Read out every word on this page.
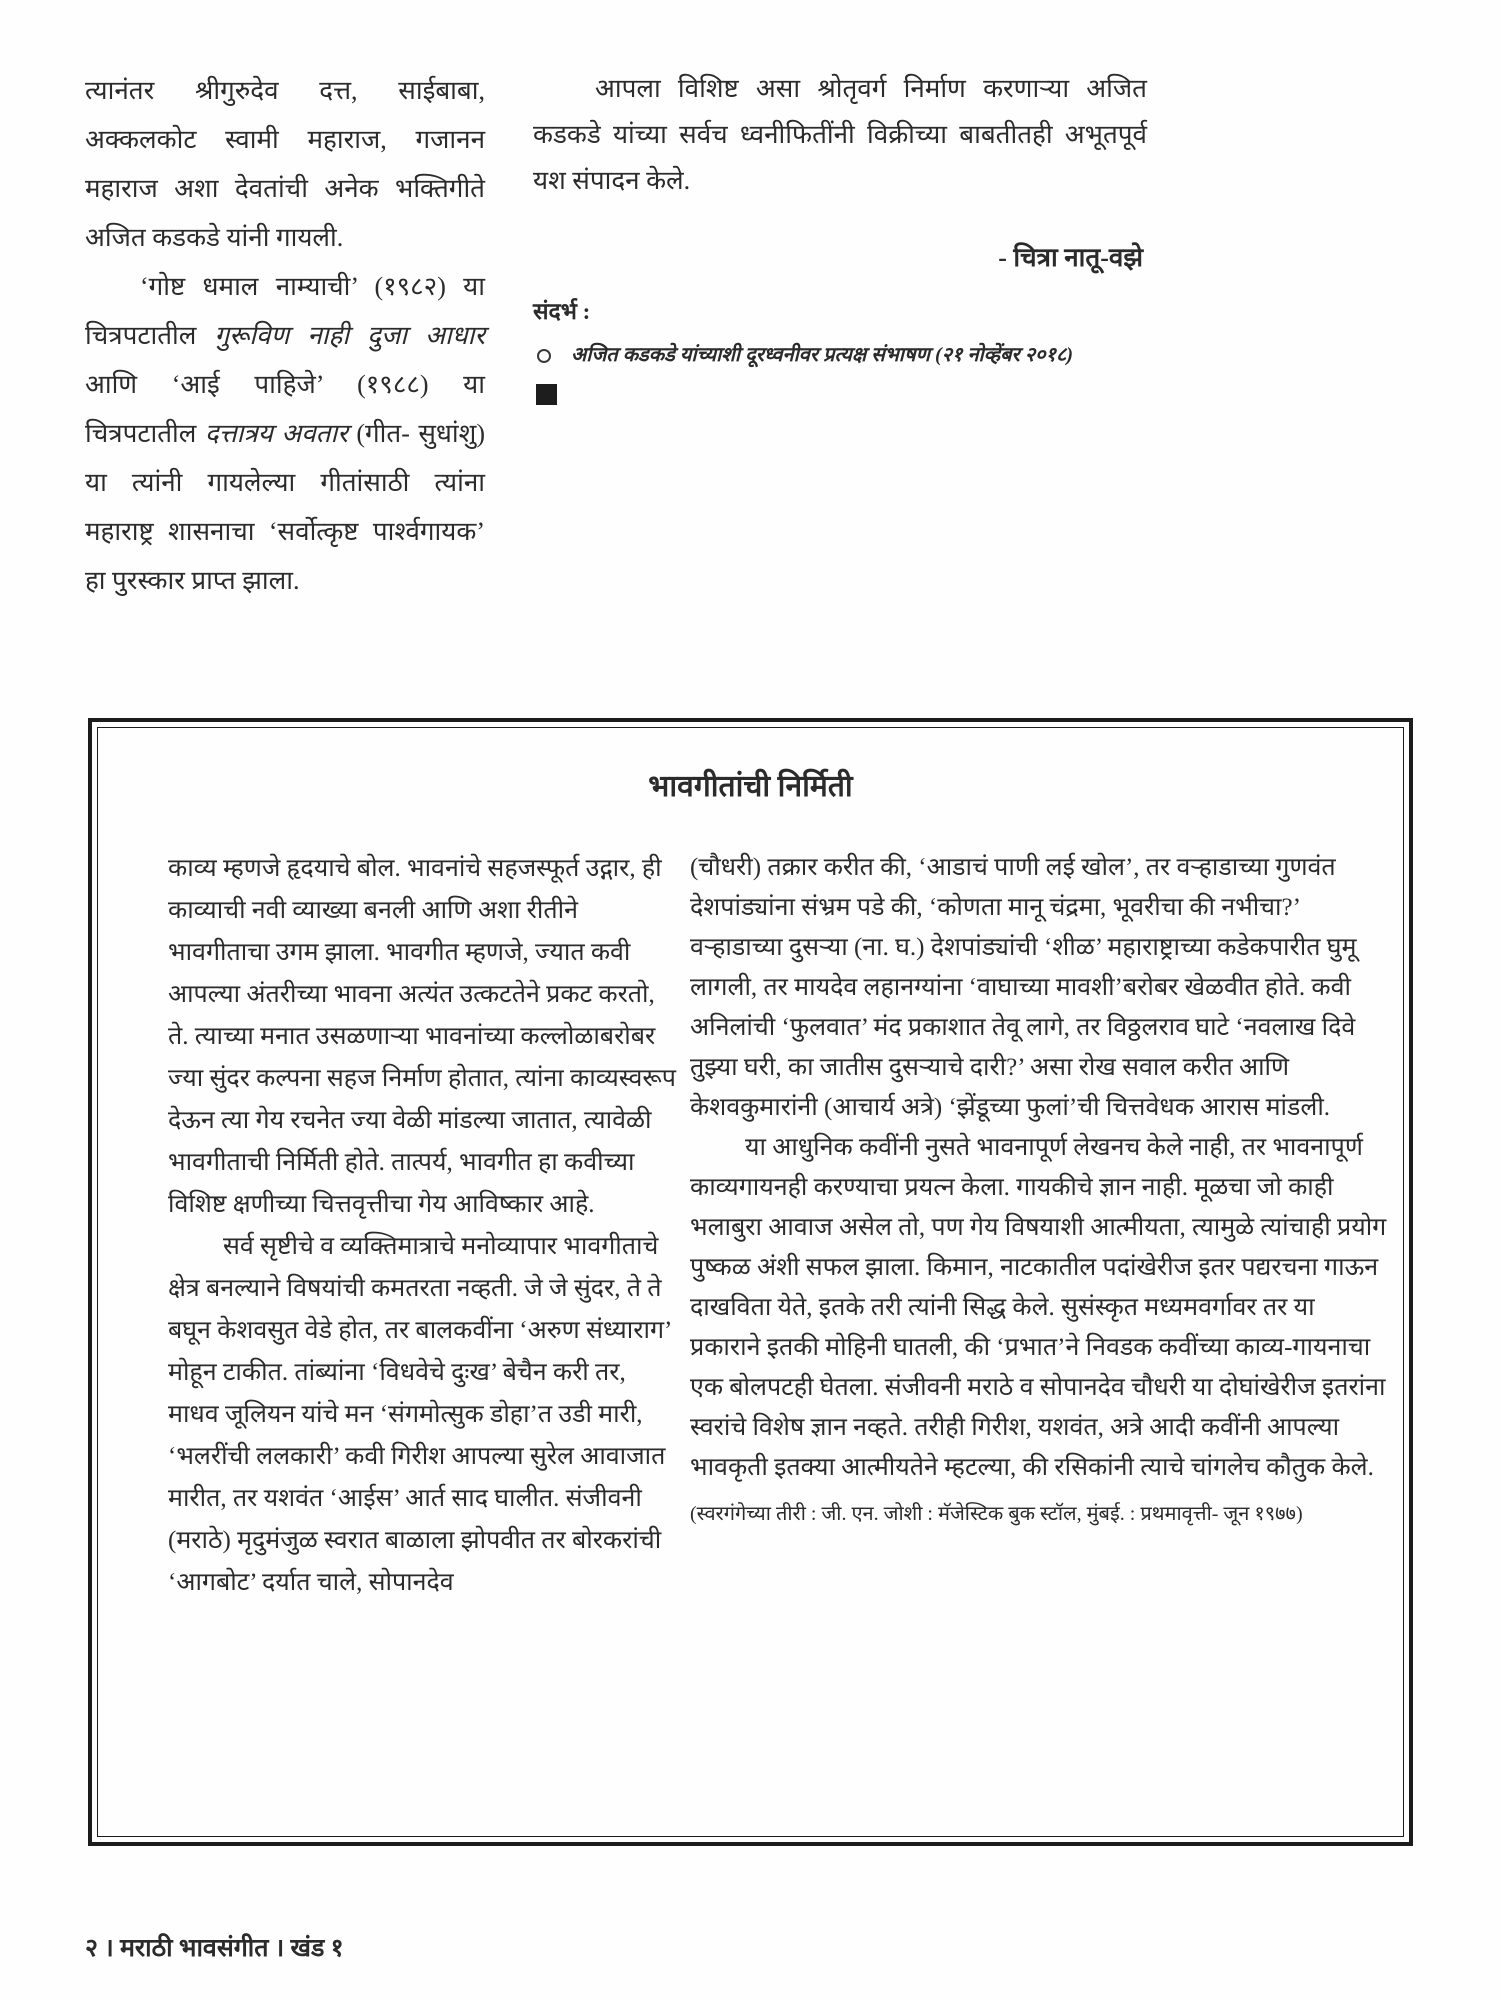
त्यानंतर श्रीगुरुदेव दत्त, साईबाबा, अक्कलकोट स्वामी महाराज, गजानन महाराज अशा देवतांची अनेक भक्तिगीते अजित कडकडे यांनी गायली.

‘गोष्ट धमाल नाम्याची’ (१९८२) या चित्रपटातील गुरूविण नाही दुजा आधार आणि ‘आई पाहिजे’ (१९८८) या चित्रपटातील दत्तात्रय अवतार (गीत- सुधांशु) या त्यांनी गायलेल्या गीतांसाठी त्यांना महाराष्ट्र शासनाचा ‘सर्वोत्कृष्ट पार्श्वगायक’ हा पुरस्कार प्राप्त झाला.

आपला विशिष्ट असा श्रोतृवर्ग निर्माण करणाऱ्या अजित कडकडे यांच्या सर्वच ध्वनीफितींनी विक्रीच्या बाबतीतही अभूतपूर्व यश संपादन केले.

- चित्रा नातू-वझे
संदर्भ :
अजित कडकडे यांच्याशी दूरध्वनीवर प्रत्यक्ष संभाषण (२१ नोव्हेंबर २०१८)
भावगीतांची निर्मिती

काव्य म्हणजे हृदयाचे बोल. भावनांचे सहजस्फूर्त उद्गार, ही काव्याची नवी व्याख्या बनली आणि अशा रीतीने भावगीताचा उगम झाला. भावगीत म्हणजे, ज्यात कवी आपल्या अंतरीच्या भावना अत्यंत उत्कटतेने प्रकट करतो, ते. त्याच्या मनात उसळणाऱ्या भावनांच्या कल्लोळाबरोबर ज्या सुंदर कल्पना सहज निर्माण होतात, त्यांना काव्यस्वरूप देऊन त्या गेय रचनेत ज्या वेळी मांडल्या जातात, त्यावेळी भावगीताची निर्मिती होते. तात्पर्य, भावगीत हा कवीच्या विशिष्ट क्षणीच्या चित्तवृत्तीचा गेय आविष्कार आहे.

सर्व सृष्टीचे व व्यक्तिमात्राचे मनोव्यापार भावगीताचे क्षेत्र बनल्याने विषयांची कमतरता नव्हती. जे जे सुंदर, ते ते बघून केशवसुत वेडे होत, तर बालकवींना ‘अरुण संध्याराग’ मोहून टाकीत. तांब्यांना ‘विधवेचे दुःख’ बेचैन करी तर, माधव जूलियन यांचे मन ‘संगमोत्सुक डोहा’त उडी मारी, ‘भलरींची ललकारी’ कवी गिरीश आपल्या सुरेल आवाजात मारीत, तर यशवंत ‘आईस’ आर्त साद घालीत. संजीवनी (मराठे) मृदुमंजुळ स्वरात बाळाला झोपवीत तर बोरकरांची ‘आगबोट’ दर्यात चाले, सोपानदेव

(चौधरी) तक्रार करीत की, ‘आडाचं पाणी लई खोल’, तर वऱ्हाडाच्या गुणवंत देशपांड्यांना संभ्रम पडे की, ‘कोणता मानू चंद्रमा, भूवरीचा की नभीचा?’ वऱ्हाडाच्या दुसऱ्या (ना. घ.) देशपांड्यांची ‘शीळ’ महाराष्ट्राच्या कडेकपारीत घुमू लागली, तर मायदेव लहानग्यांना ‘वाघाच्या मावशी’बरोबर खेळवीत होते. कवी अनिलांची ‘फुलवात’ मंद प्रकाशात तेवू लागे, तर विठ्ठलराव घाटे ‘नवलाख दिवे तुझ्या घरी, का जातीस दुसऱ्याचे दारी?’ असा रोख सवाल करीत आणि केशवकुमारांनी (आचार्य अत्रे) ‘झेंडूच्या फुलां’ची चित्तवेधक आरास मांडली.

या आधुनिक कवींनी नुसते भावनापूर्ण लेखनच केले नाही, तर भावनापूर्ण काव्यगायनही करण्याचा प्रयत्न केला. गायकीचे ज्ञान नाही. मूळचा जो काही भलाबुरा आवाज असेल तो, पण गेय विषयाशी आत्मीयता, त्यामुळे त्यांचाही प्रयोग पुष्कळ अंशी सफल झाला. किमान, नाटकातील पदांखेरीज इतर पद्यरचना गाऊन दाखविता येते, इतके तरी त्यांनी सिद्ध केले. सुसंस्कृत मध्यमवर्गावर तर या प्रकाराने इतकी मोहिनी घातली, की ‘प्रभात’ने निवडक कवींच्या काव्य-गायनाचा एक बोलपटही घेतला. संजीवनी मराठे व सोपानदेव चौधरी या दोघांखेरीज इतरांना स्वरांचे विशेष ज्ञान नव्हते. तरीही गिरीश, यशवंत, अत्रे आदी कवींनी आपल्या भावकृती इतक्या आत्मीयतेने म्हटल्या, की रसिकांनी त्याचे चांगलेच कौतुक केले.

(स्वरगंगेच्या तीरी : जी. एन. जोशी : मॅजेस्टिक बुक स्टॉल, मुंबई. : प्रथमावृत्ती- जून १९७७)

२ । मराठी भावसंगीत । खंड १
